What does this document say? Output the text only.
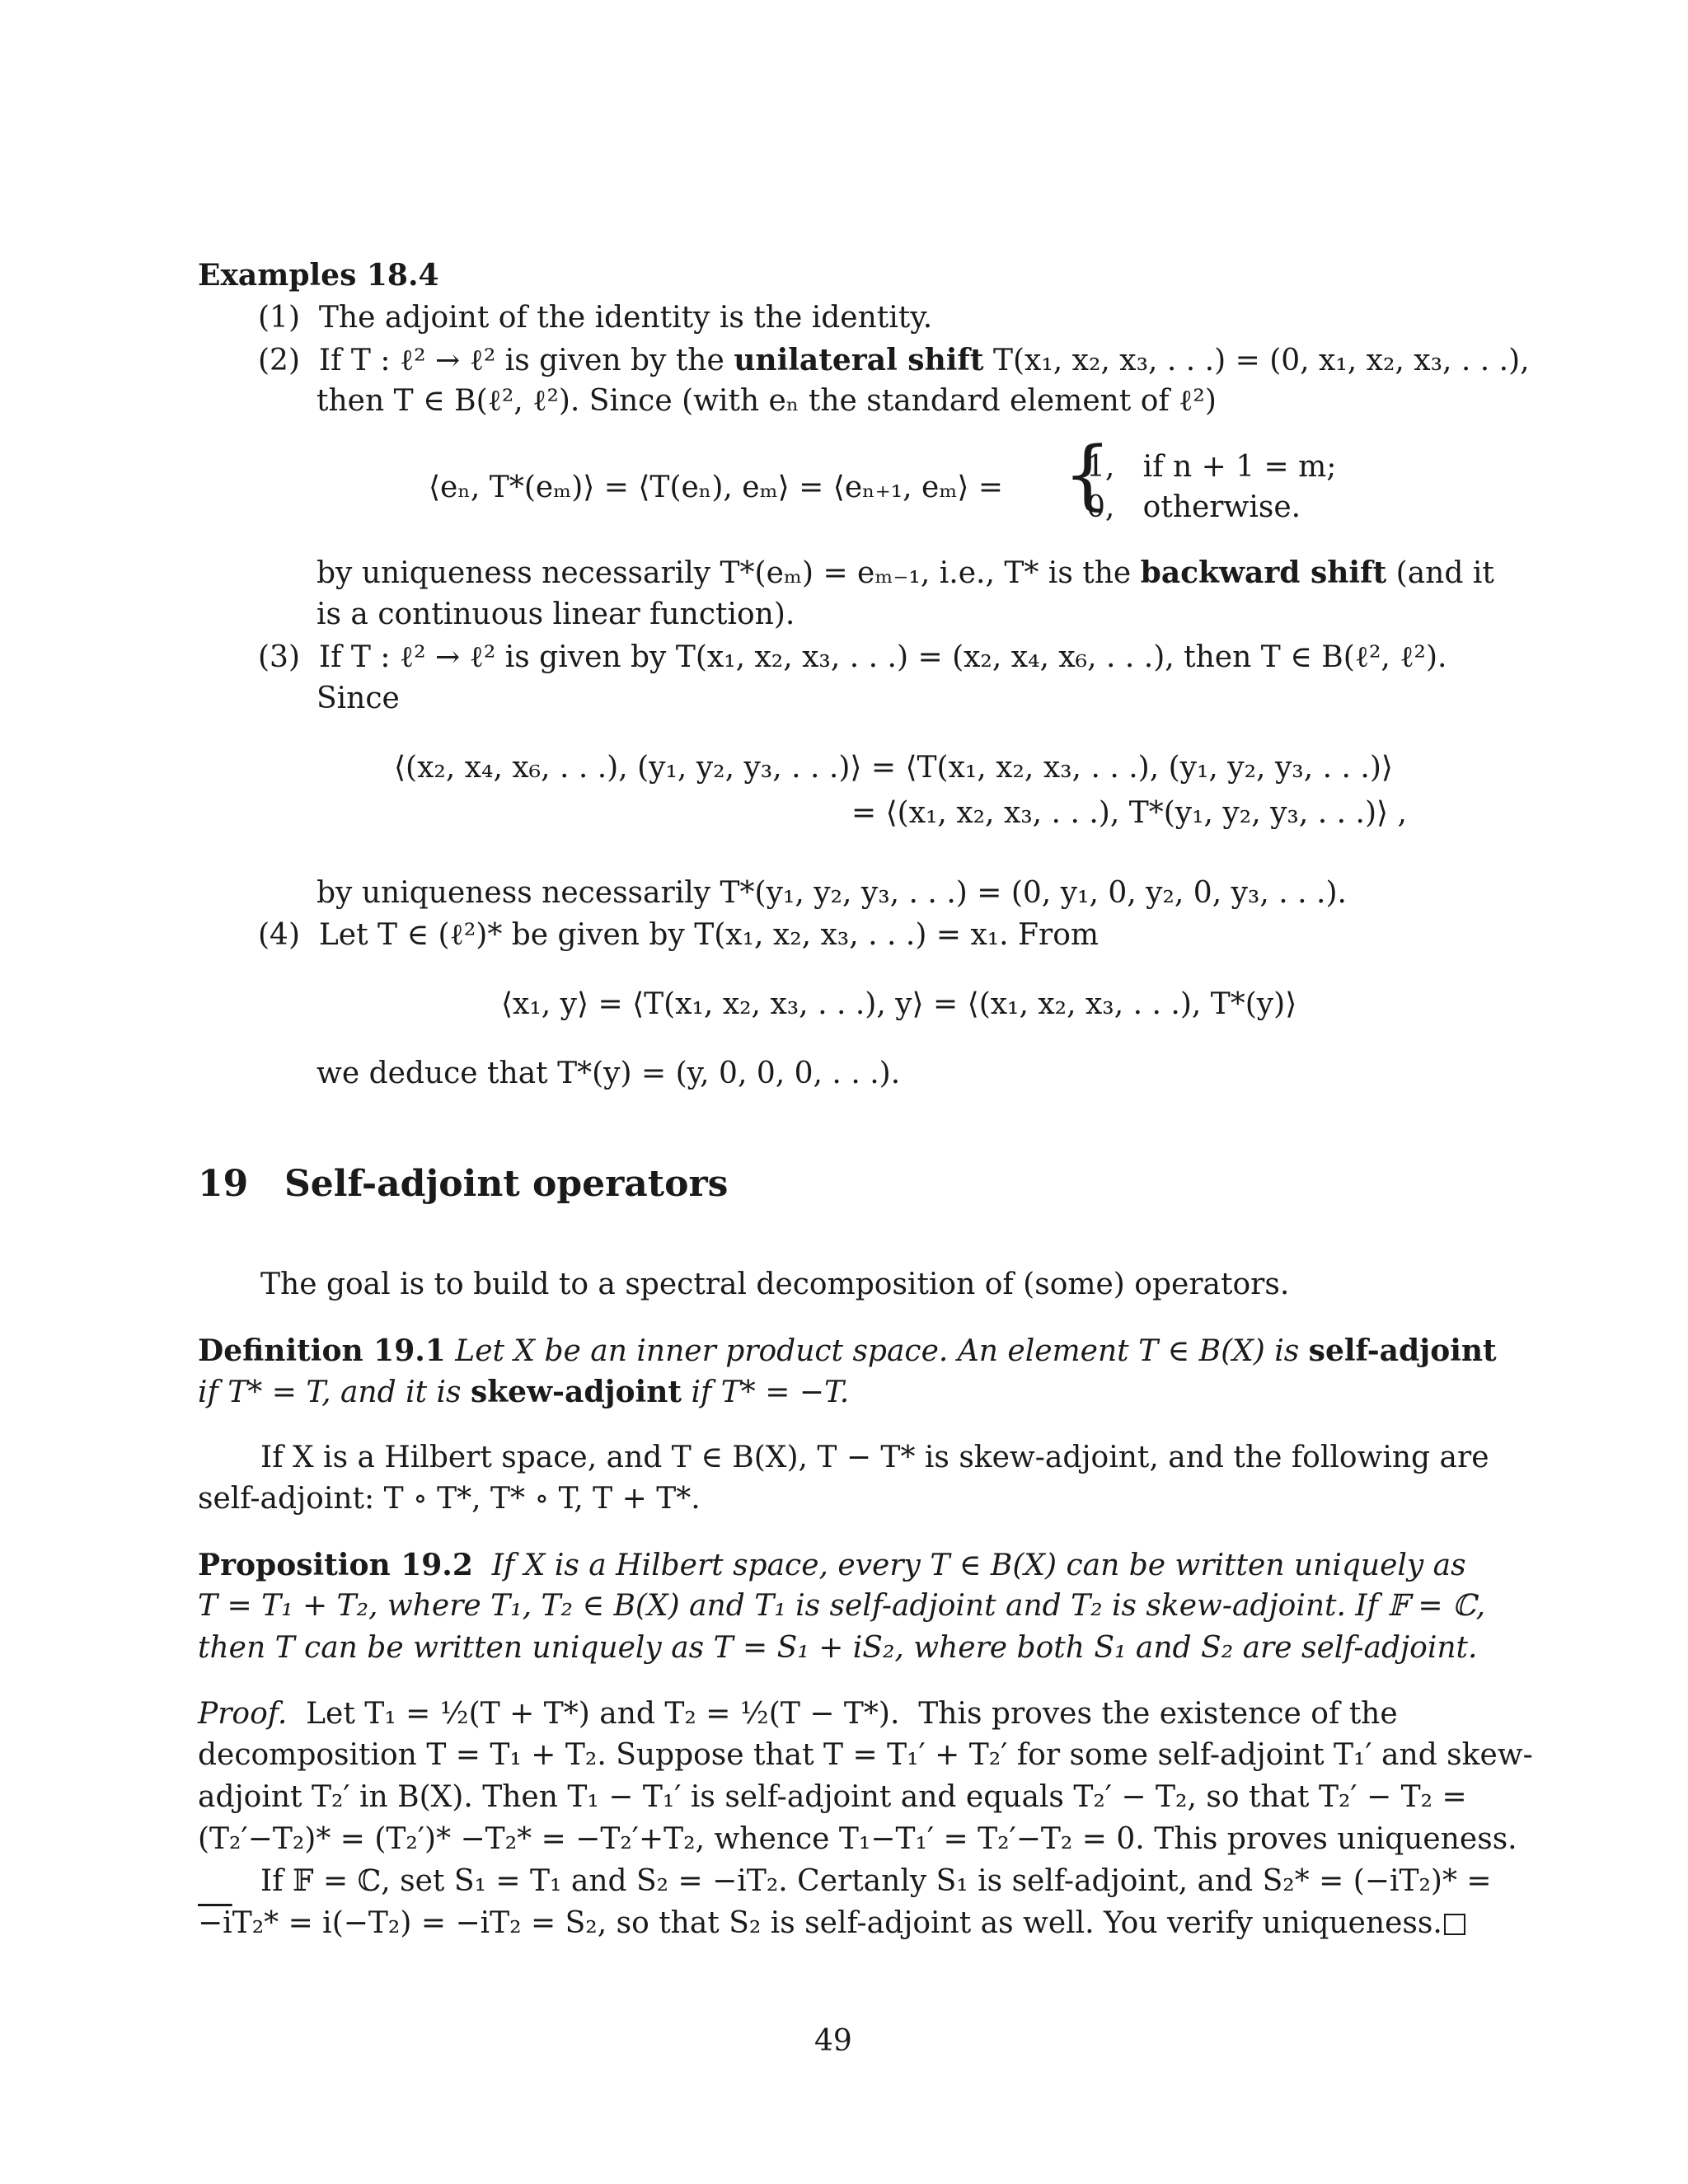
Examples 18.4
(1)  The adjoint of the identity is the identity.
(2)  If T : ℓ² → ℓ² is given by the unilateral shift T(x₁, x₂, x₃, . . .) = (0, x₁, x₂, x₃, . . .),
then T ∈ B(ℓ², ℓ²). Since (with eₙ the standard element of ℓ²)
⟨eₙ, T*(eₘ)⟩ = ⟨T(eₙ), eₘ⟩ = ⟨eₙ₊₁, eₘ⟩ = {
1,   if n + 1 = m;
0,   otherwise.
by uniqueness necessarily T*(eₘ) = eₘ₋₁, i.e., T* is the backward shift (and it
is a continuous linear function).
(3)  If T : ℓ² → ℓ² is given by T(x₁, x₂, x₃, . . .) = (x₂, x₄, x₆, . . .), then T ∈ B(ℓ², ℓ²).
Since
⟨(x₂, x₄, x₆, . . .), (y₁, y₂, y₃, . . .)⟩ = ⟨T(x₁, x₂, x₃, . . .), (y₁, y₂, y₃, . . .)⟩
= ⟨(x₁, x₂, x₃, . . .), T*(y₁, y₂, y₃, . . .)⟩ ,
by uniqueness necessarily T*(y₁, y₂, y₃, . . .) = (0, y₁, 0, y₂, 0, y₃, . . .).
(4)  Let T ∈ (ℓ²)* be given by T(x₁, x₂, x₃, . . .) = x₁. From
⟨x₁, y⟩ = ⟨T(x₁, x₂, x₃, . . .), y⟩ = ⟨(x₁, x₂, x₃, . . .), T*(y)⟩
we deduce that T*(y) = (y, 0, 0, 0, . . .).
19 Self-adjoint operators
The goal is to build to a spectral decomposition of (some) operators.
Definition 19.1 Let X be an inner product space. An element T ∈ B(X) is self-adjoint
if T* = T, and it is skew-adjoint if T* = −T.
If X is a Hilbert space, and T ∈ B(X), T − T* is skew-adjoint, and the following are
self-adjoint: T ∘ T*, T* ∘ T, T + T*.
Proposition 19.2  If X is a Hilbert space, every T ∈ B(X) can be written uniquely as
T = T₁ + T₂, where T₁, T₂ ∈ B(X) and T₁ is self-adjoint and T₂ is skew-adjoint. If 𝔽 = ℂ,
then T can be written uniquely as T = S₁ + iS₂, where both S₁ and S₂ are self-adjoint.
Proof.  Let T₁ = ½(T + T*) and T₂ = ½(T − T*).  This proves the existence of the
decomposition T = T₁ + T₂. Suppose that T = T₁′ + T₂′ for some self-adjoint T₁′ and skew-
adjoint T₂′ in B(X). Then T₁ − T₁′ is self-adjoint and equals T₂′ − T₂, so that T₂′ − T₂ =
(T₂′−T₂)* = (T₂′)* −T₂* = −T₂′+T₂, whence T₁−T₁′ = T₂′−T₂ = 0. This proves uniqueness.
If 𝔽 = ℂ, set S₁ = T₁ and S₂ = −iT₂. Certanly S₁ is self-adjoint, and S₂* = (−iT₂)* =
−iT₂* = i(−T₂) = −iT₂ = S₂, so that S₂ is self-adjoint as well. You verify uniqueness.
49
